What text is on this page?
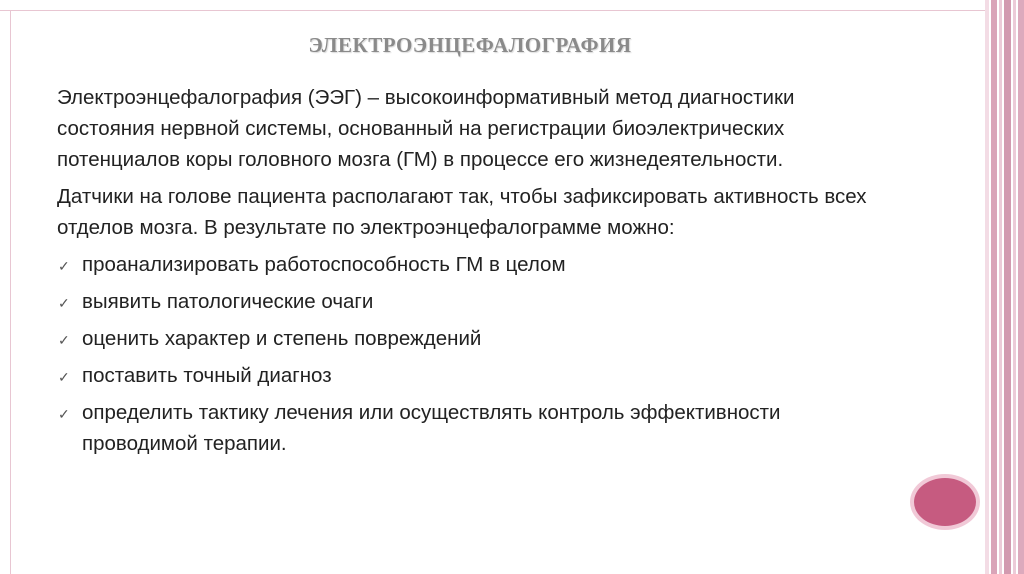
ЭЛЕКТРОЭНЦЕФАЛОГРАФИЯ

Электроэнцефалография (ЭЭГ) – высокоинформативный метод диагностики состояния нервной системы, основанный на регистрации биоэлектрических потенциалов коры головного мозга (ГМ) в процессе его жизнедеятельности.

Датчики на голове пациента располагают так, чтобы зафиксировать активность всех отделов мозга. В результате по электроэнцефалограмме можно:

✓ проанализировать работоспособность ГМ в целом
✓ выявить патологические очаги
✓ оценить характер и степень повреждений
✓ поставить точный диагноз
✓ определить тактику лечения или осуществлять контроль эффективности проводимой терапии.
